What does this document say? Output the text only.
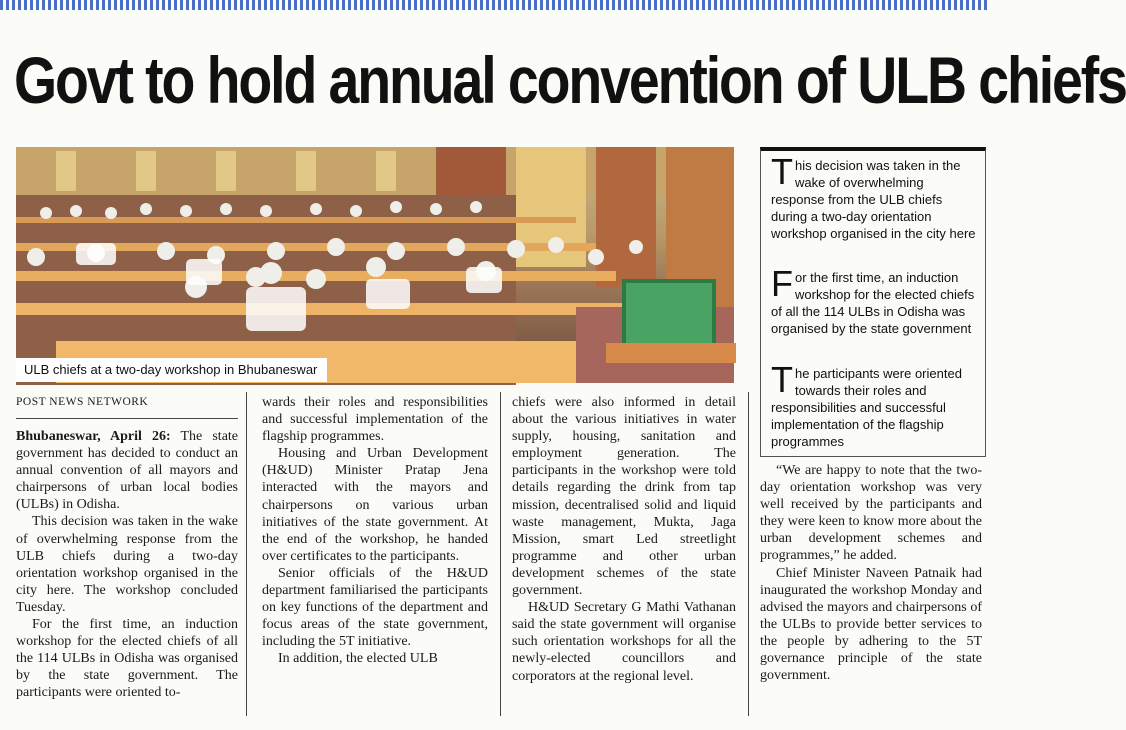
Govt to hold annual convention of ULB chiefs
ULB chiefs at a two-day workshop in Bhubaneswar
This decision was taken in the wake of overwhelming response from the ULB chiefs during a two-day orientation workshop organised in the city here
For the first time, an induction workshop for the elected chiefs of all the 114 ULBs in Odisha was organised by the state government
The participants were oriented towards their roles and responsibilities and successful implementation of the flagship programmes
POST NEWS NETWORK

Bhubaneswar, April 26: The state government has decided to conduct an annual convention of all mayors and chairpersons of urban local bodies (ULBs) in Odisha.

This decision was taken in the wake of overwhelming response from the ULB chiefs during a two-day orientation workshop organised in the city here. The workshop concluded Tuesday.

For the first time, an induction workshop for the elected chiefs of all the 114 ULBs in Odisha was organised by the state government. The participants were oriented to-

wards their roles and responsibilities and successful implementation of the flagship programmes.

Housing and Urban Development (H&UD) Minister Pratap Jena interacted with the mayors and chairpersons on various urban initiatives of the state government. At the end of the workshop, he handed over certificates to the participants.

Senior officials of the H&UD department familiarised the participants on key functions of the department and focus areas of the state government, including the 5T initiative.

In addition, the elected ULB

chiefs were also informed in detail about the various initiatives in water supply, housing, sanitation and employment generation. The participants in the workshop were told details regarding the drink from tap mission, decentralised solid and liquid waste management, Mukta, Jaga Mission, smart Led streetlight programme and other urban development schemes of the state government.

H&UD Secretary G Mathi Vathanan said the state government will organise such orientation workshops for all the newly-elected councillors and corporators at the regional level.

“We are happy to note that the two-day orientation workshop was very well received by the participants and they were keen to know more about the urban development schemes and programmes,” he added.

Chief Minister Naveen Patnaik had inaugurated the workshop Monday and advised the mayors and chairpersons of the ULBs to provide better services to the people by adhering to the 5T governance principle of the state government.
